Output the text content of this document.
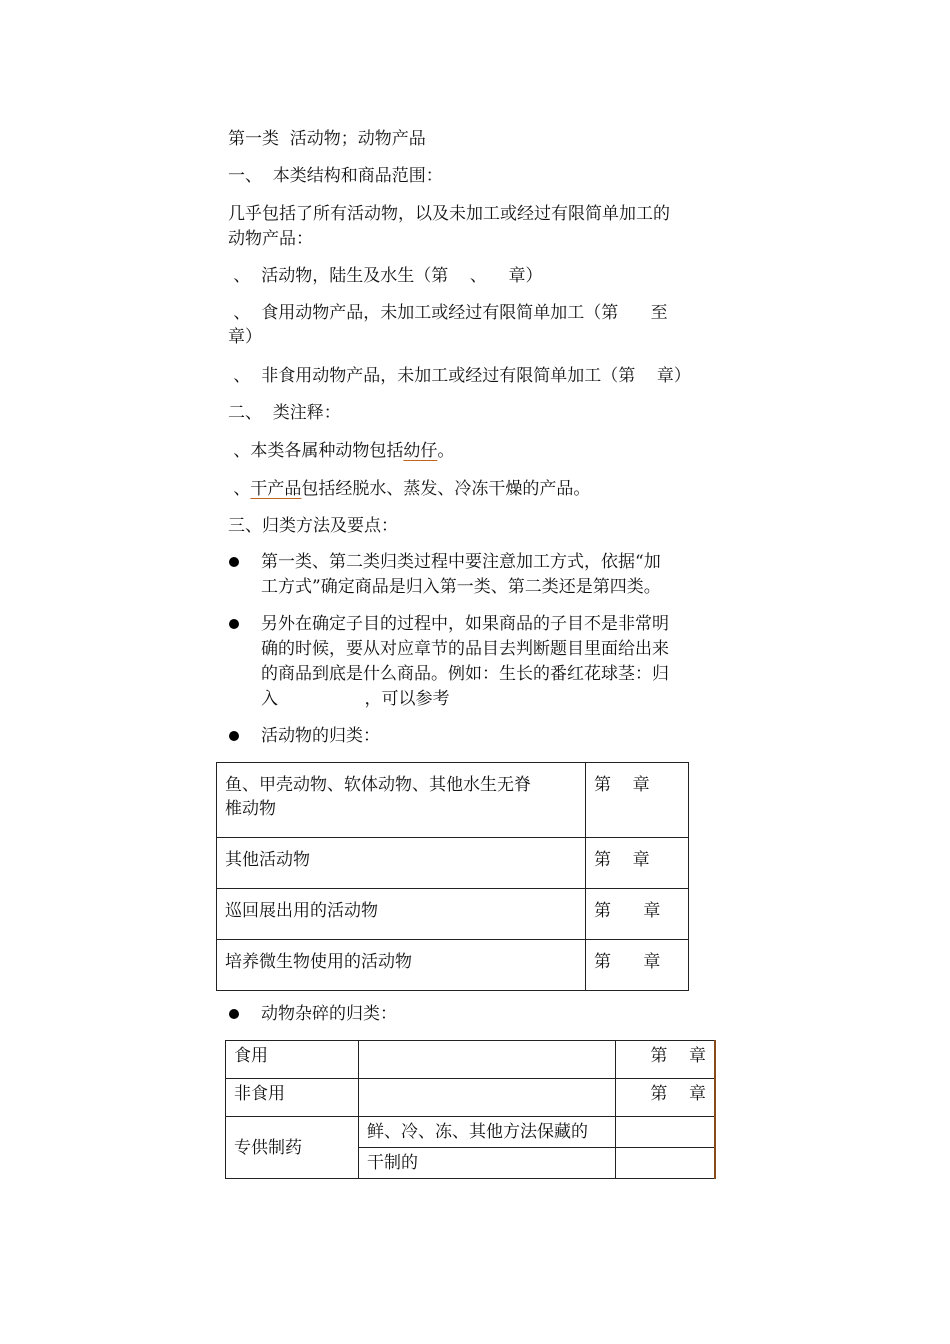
第一类  活动物；动物产品

一、  本类结构和商品范围：

几乎包括了所有活动物，以及未加工或经过有限简单加工的

动物产品：

、  活动物，陆生及水生（第    、    章）

、  食用动物产品，未加工或经过有限简单加工（第      至

章）

、  非食用动物产品，未加工或经过有限简单加工（第    章）

二、  类注释：

、本类各属种动物包括幼仔。

、干产品包括经脱水、蒸发、冷冻干燥的产品。

三、归类方法及要点：

第一类、第二类归类过程中要注意加工方式，依据“加

工方式”确定商品是归入第一类、第二类还是第四类。

另外在确定子目的过程中，如果商品的子目不是非常明

确的时候，要从对应章节的品目去判断题目里面给出来

的商品到底是什么商品。例如：生长的番红花球茎：归

入                ，可以参考

活动物的归类：

鱼、甲壳动物、软体动物、其他水生无脊
椎动物	第    章
其他活动物	第    章
巡回展出用的活动物	第      章
培养微生物使用的活动物	第      章

动物杂碎的归类：

食用		第    章
非食用		第    章
专供制药	鲜、冷、冻、其他方法保藏的	
	干制的	
